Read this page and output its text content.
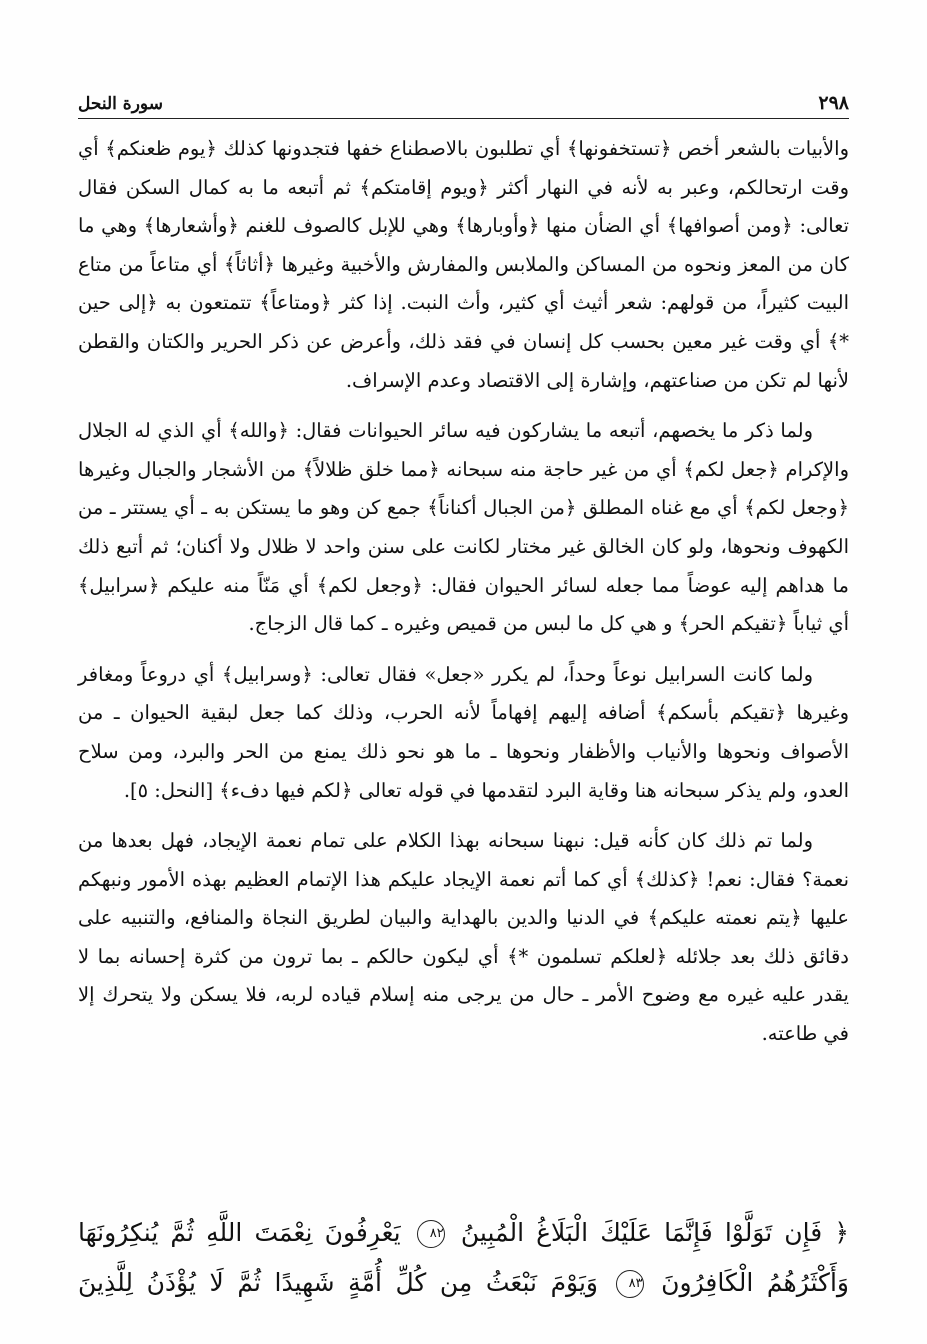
٢٩٨
سورة النحل

والأبيات بالشعر أخص ﴿تستخفونها﴾ أي تطلبون بالاصطناع خفها فتجدونها كذلك ﴿يوم ظعنكم﴾ أي وقت ارتحالكم، وعبر به لأنه في النهار أكثر ﴿ويوم إقامتكم﴾ ثم أتبعه ما به كمال السكن فقال تعالى: ﴿ومن أصوافها﴾ أي الضأن منها ﴿وأوبارها﴾ وهي للإبل كالصوف للغنم ﴿وأشعارها﴾ وهي ما كان من المعز ونحوه من المساكن والملابس والمفارش والأخبية وغيرها ﴿أثاثاً﴾ أي متاعاً من متاع البيت كثيراً، من قولهم: شعر أثيث أي كثير، وأث النبت. إذا كثر ﴿ومتاعاً﴾ تتمتعون به ﴿إلى حين *﴾ أي وقت غير معين بحسب كل إنسان في فقد ذلك، وأعرض عن ذكر الحرير والكتان والقطن لأنها لم تكن من صناعتهم، وإشارة إلى الاقتصاد وعدم الإسراف.

ولما ذكر ما يخصهم، أتبعه ما يشاركون فيه سائر الحيوانات فقال: ﴿والله﴾ أي الذي له الجلال والإكرام ﴿جعل لكم﴾ أي من غير حاجة منه سبحانه ﴿مما خلق ظلالاً﴾ من الأشجار والجبال وغيرها ﴿وجعل لكم﴾ أي مع غناه المطلق ﴿من الجبال أكناناً﴾ جمع كن وهو ما يستكن به ـ أي يستتر ـ من الكهوف ونحوها، ولو كان الخالق غير مختار لكانت على سنن واحد لا ظلال ولا أكنان؛ ثم أتبع ذلك ما هداهم إليه عوضاً مما جعله لسائر الحيوان فقال: ﴿وجعل لكم﴾ أي مَنّاً منه عليكم ﴿سرابيل﴾ أي ثياباً ﴿تقيكم الحر﴾ و هي كل ما لبس من قميص وغيره ـ كما قال الزجاج.

ولما كانت السرابيل نوعاً وحداً، لم يكرر «جعل» فقال تعالى: ﴿وسرابيل﴾ أي دروعاً ومغافر وغيرها ﴿تقيكم بأسكم﴾ أضافه إليهم إفهاماً لأنه الحرب، وذلك كما جعل لبقية الحيوان ـ من الأصواف ونحوها والأنياب والأظفار ونحوها ـ ما هو نحو ذلك يمنع من الحر والبرد، ومن سلاح العدو، ولم يذكر سبحانه هنا وقاية البرد لتقدمها في قوله تعالى ﴿لكم فيها دفء﴾ [النحل: ٥].

ولما تم ذلك كان كأنه قيل: نبهنا سبحانه بهذا الكلام على تمام نعمة الإيجاد، فهل بعدها من نعمة؟ فقال: نعم! ﴿كذلك﴾ أي كما أتم نعمة الإيجاد عليكم هذا الإتمام العظيم بهذه الأمور ونبهكم عليها ﴿يتم نعمته عليكم﴾ في الدنيا والدين بالهداية والبيان لطريق النجاة والمنافع، والتنبيه على دقائق ذلك بعد جلائله ﴿لعلكم تسلمون *﴾ أي ليكون حالكم ـ بما ترون من كثرة إحسانه بما لا يقدر عليه غيره مع وضوح الأمر ـ حال من يرجى منه إسلام قياده لربه، فلا يسكن ولا يتحرك إلا في طاعته.

﴿ فَإِن تَوَلَّوْا فَإِنَّمَا عَلَيْكَ الْبَلَاغُ الْمُبِينُ ٨٢ يَعْرِفُونَ نِعْمَتَ اللَّهِ ثُمَّ يُنكِرُونَهَا وَأَكْثَرُهُمُ الْكَافِرُونَ ٨٣ وَيَوْمَ نَبْعَثُ مِن كُلِّ أُمَّةٍ شَهِيدًا ثُمَّ لَا يُؤْذَنُ لِلَّذِينَ
